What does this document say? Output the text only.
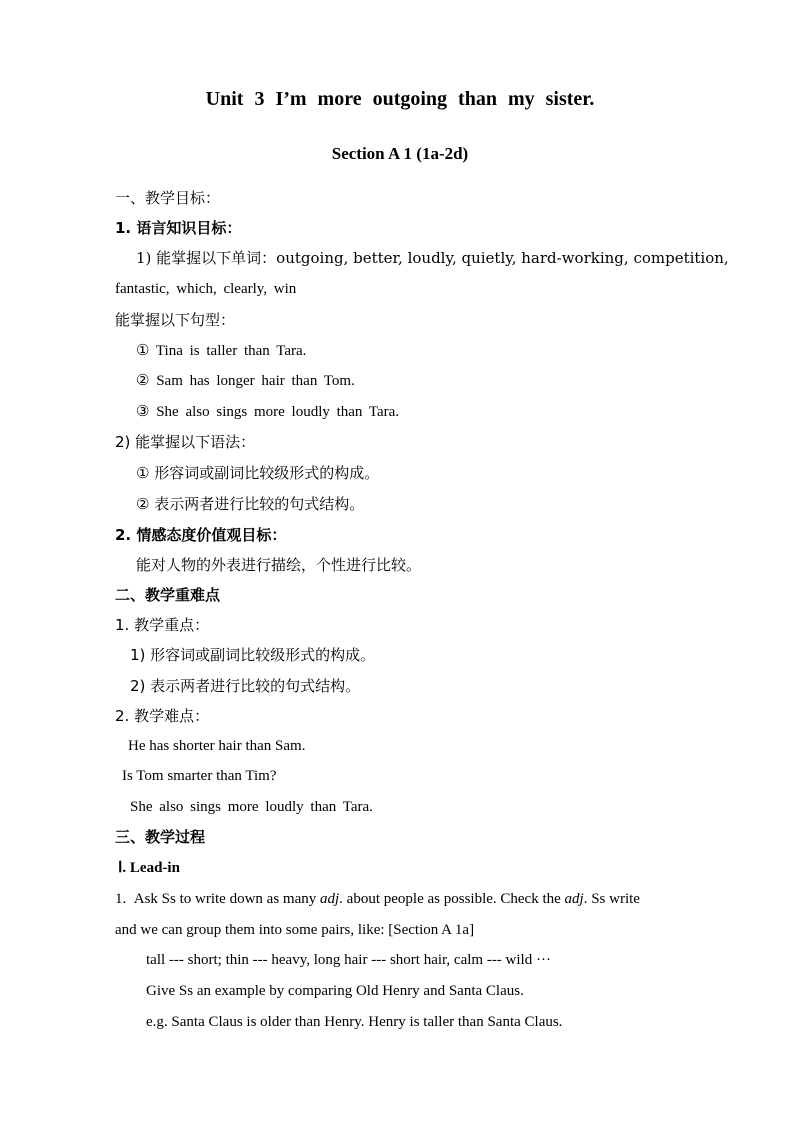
Unit 3 I’m more outgoing than my sister.
Section A 1 (1a-2d)
一、教学目标：
1. 语言知识目标：
1) 能掌握以下单词：outgoing, better, loudly, quietly, hard-working, competition,
fantastic, which, clearly, win
能掌握以下句型：
① Tina is taller than Tara.
② Sam has longer hair than Tom.
③ She also sings more loudly than Tara.
2) 能掌握以下语法：
① 形容词或副词比较级形式的构成。
② 表示两者进行比较的句式结构。
2. 情感态度价值观目标：
能对人物的外表进行描绘，个性进行比较。
二、教学重难点
1. 教学重点：
1) 形容词或副词比较级形式的构成。
2) 表示两者进行比较的句式结构。
2. 教学难点：
He has shorter hair than Sam.
Is Tom smarter than Tim?
She also sings more loudly than Tara.
三、教学过程
Ⅰ. Lead-in
1. Ask Ss to write down as many adj. about people as possible. Check the adj. Ss write
and we can group them into some pairs, like: [Section A 1a]
tall --- short; thin --- heavy, long hair --- short hair, calm --- wild ···
Give Ss an example by comparing Old Henry and Santa Claus.
e.g. Santa Claus is older than Henry. Henry is taller than Santa Claus.
